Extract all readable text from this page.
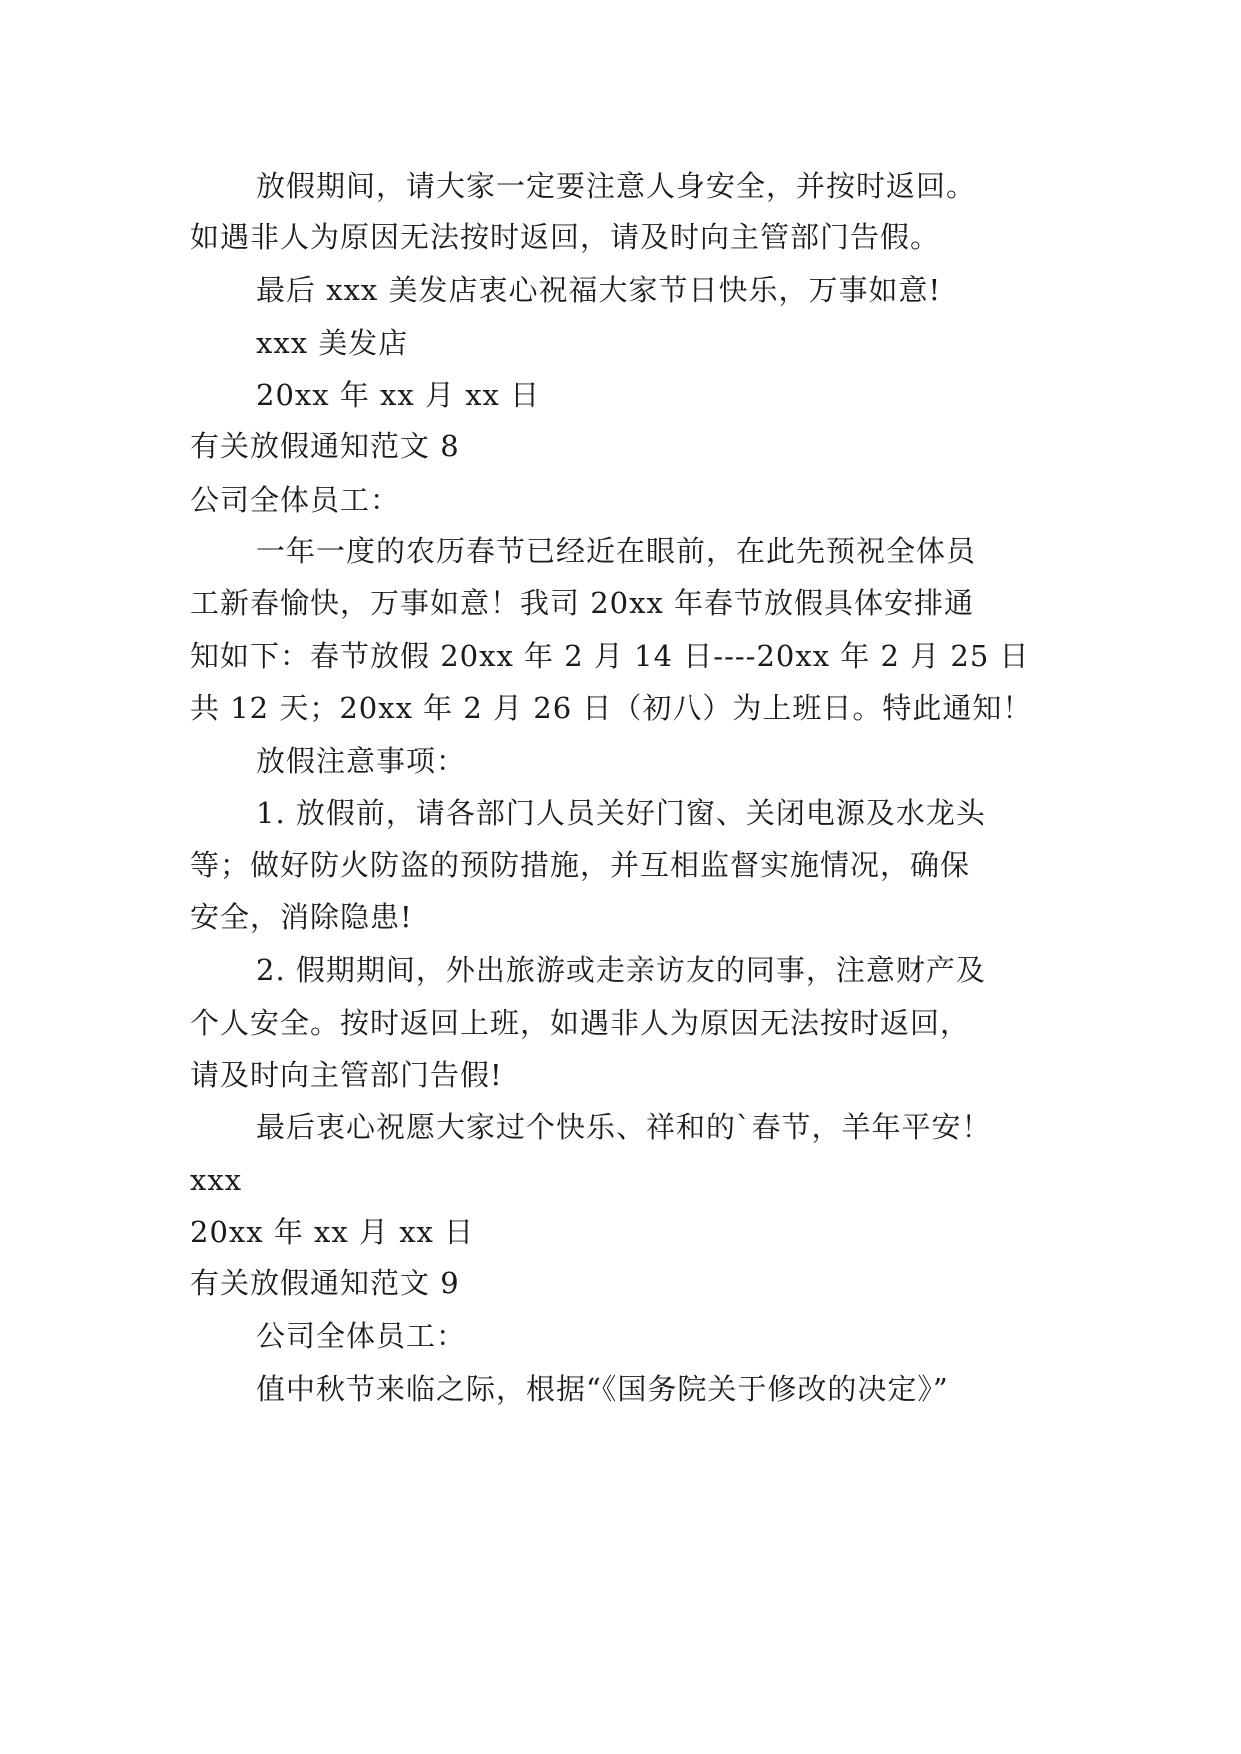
放假期间，请大家一定要注意人身安全，并按时返回。
如遇非人为原因无法按时返回，请及时向主管部门告假。
最后 xxx 美发店衷心祝福大家节日快乐，万事如意!
xxx 美发店
20xx 年 xx 月 xx 日
有关放假通知范文 8
公司全体员工：
一年一度的农历春节已经近在眼前，在此先预祝全体员
工新春愉快，万事如意！我司 20xx 年春节放假具体安排通
知如下：春节放假 20xx 年 2 月 14 日----20xx 年 2 月 25 日
共 12 天；20xx 年 2 月 26 日（初八）为上班日。特此通知！
放假注意事项：
1. 放假前，请各部门人员关好门窗、关闭电源及水龙头
等；做好防火防盗的预防措施，并互相监督实施情况，确保
安全，消除隐患!
2. 假期期间，外出旅游或走亲访友的同事，注意财产及
个人安全。按时返回上班，如遇非人为原因无法按时返回，
请及时向主管部门告假!
最后衷心祝愿大家过个快乐、祥和的`春节，羊年平安！
xxx
20xx 年 xx 月 xx 日
有关放假通知范文 9
公司全体员工：
值中秋节来临之际，根据“《国务院关于修改的决定》”
